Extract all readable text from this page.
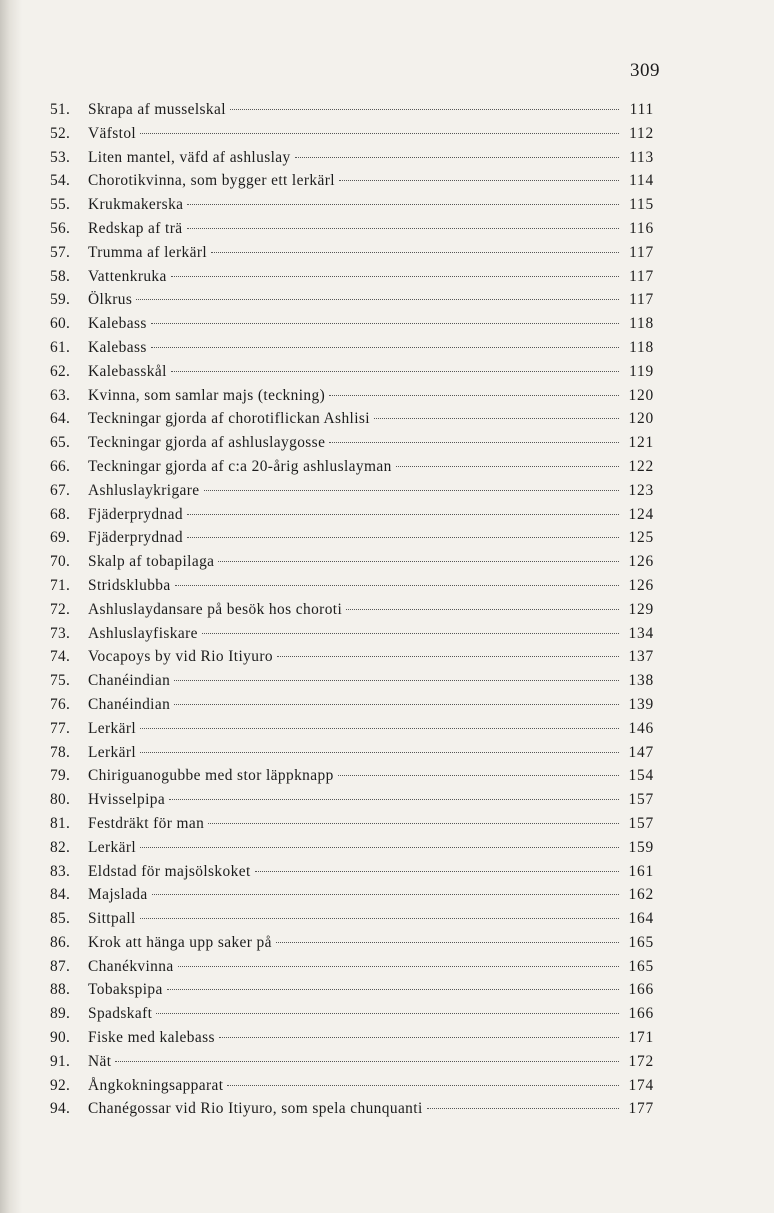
309
51.	Skrapa af musselskal	111
52.	Väfstol	112
53.	Liten mantel, väfd af ashluslay	113
54.	Chorotikvinna, som bygger ett lerkärl	114
55.	Krukmakerska	115
56.	Redskap af trä	116
57.	Trumma af lerkärl	117
58.	Vattenkruka	117
59.	Ölkrus	117
60.	Kalebass	118
61.	Kalebass	118
62.	Kalebasskål	119
63.	Kvinna, som samlar majs (teckning)	120
64.	Teckningar gjorda af chorotiflickan Ashlisi	120
65.	Teckningar gjorda af ashluslaygosse	121
66.	Teckningar gjorda af c:a 20-årig ashluslayman	122
67.	Ashluslaykrigare	123
68.	Fjäderprydnad	124
69.	Fjäderprydnad	125
70.	Skalp af tobapilaga	126
71.	Stridsklubba	126
72.	Ashluslaydansare på besök hos choroti	129
73.	Ashluslayfiskare	134
74.	Vocapoys by vid Rio Itiyuro	137
75.	Chanéindian	138
76.	Chanéindian	139
77.	Lerkärl	146
78.	Lerkärl	147
79.	Chiriguanogubbe med stor läppknapp	154
80.	Hvisselpipa	157
81.	Festdräkt för man	157
82.	Lerkärl	159
83.	Eldstad för majsölskoket	161
84.	Majslada	162
85.	Sittpall	164
86.	Krok att hänga upp saker på	165
87.	Chanékvinna	165
88.	Tobakspipa	166
89.	Spadskaft	166
90.	Fiske med kalebass	171
91.	Nät	172
92.	Ångkokningsapparat	174
94.	Chanégossar vid Rio Itiyuro, som spela chunquanti	177
